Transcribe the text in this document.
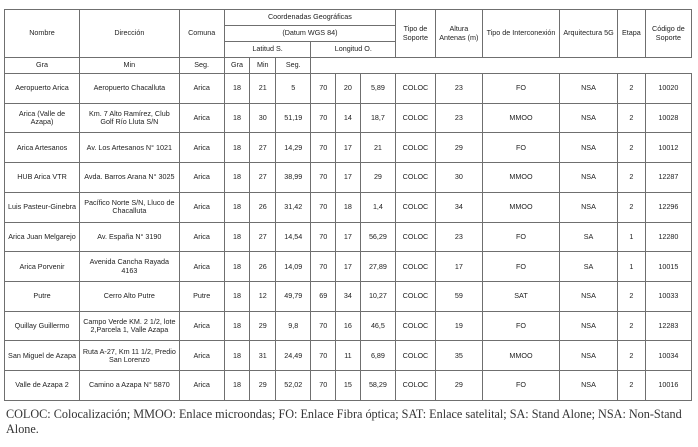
Nombre	Dirección	Comuna	Coordenadas Geográficas						Tipo de Soporte	Altura Antenas (m)	Tipo de Interconexión	Arquitectura 5G	Etapa	Código de Soporte
			(Datum WGS 84)											
			Latitud S.			Longitud O.								
Gra	Min	Seg.	Gra	Min	Seg.									
Aeropuerto Arica	Aeropuerto Chacalluta	Arica	18	21	5	70	20	5,89	COLOC	23	FO	NSA	2	10020
Arica (Valle de Azapa)	Km. 7 Alto Ramírez, Club Golf Río Lluta S/N	Arica	18	30	51,19	70	14	18,7	COLOC	23	MMOO	NSA	2	10028
Arica Artesanos	Av. Los Artesanos N° 1021	Arica	18	27	14,29	70	17	21	COLOC	29	FO	NSA	2	10012
HUB Arica VTR	Avda. Barros Arana N° 3025	Arica	18	27	38,99	70	17	29	COLOC	30	MMOO	NSA	2	12287
Luis Pasteur-Ginebra	Pacífico Norte S/N, Lluco de Chacalluta	Arica	18	26	31,42	70	18	1,4	COLOC	34	MMOO	NSA	2	12296
Arica Juan Melgarejo	Av. España N° 3190	Arica	18	27	14,54	70	17	56,29	COLOC	23	FO	SA	1	12280
Arica Porvenir	Avenida Cancha Rayada 4163	Arica	18	26	14,09	70	17	27,89	COLOC	17	FO	SA	1	10015
Putre	Cerro Alto Putre	Putre	18	12	49,79	69	34	10,27	COLOC	59	SAT	NSA	2	10033
Quillay Guillermo	Campo Verde KM. 2 1/2, lote 2,Parcela 1, Valle Azapa	Arica	18	29	9,8	70	16	46,5	COLOC	19	FO	NSA	2	12283
San Miguel de Azapa	Ruta A-27, Km 11 1/2, Predio San Lorenzo	Arica	18	31	24,49	70	11	6,89	COLOC	35	MMOO	NSA	2	10034
Valle de Azapa 2	Camino a Azapa N° 5870	Arica	18	29	52,02	70	15	58,29	COLOC	29	FO	NSA	2	10016
COLOC: Colocalización; MMOO: Enlace microondas; FO: Enlace Fibra óptica; SAT: Enlace satelital; SA: Stand Alone; NSA: Non-Stand Alone.
